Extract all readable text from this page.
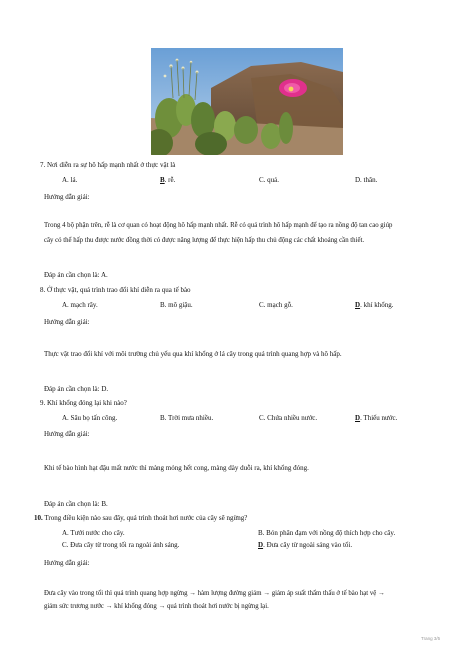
7. Nơi diễn ra sự hô hấp mạnh nhất ở thực vật là
A. lá.	B. rễ.	C. quả.	D. thân.
Hướng dẫn giải:
Trong 4 bộ phận trên, rễ là cơ quan có hoạt động hô hấp mạnh nhất. Rễ có quá trình hô hấp mạnh để tạo ra nồng độ tan cao giúp
cây có thể hấp thu được nước đồng thời có được năng lượng để thực hiện hấp thu chủ động các chất khoáng cần thiết.
Đáp án cần chọn là: A.
8. Ở thực vật, quá trình trao đổi khí diễn ra qua tế bào
A. mạch rây.	B. mô giậu.	C. mạch gỗ.	D. khí khổng.
Hướng dẫn giải:
Thực vật trao đổi khí với môi trường chủ yếu qua khí khổng ở lá cây trong quá trình quang hợp và hô hấp.
Đáp án cần chọn là: D.
9. Khí khổng đóng lại khi nào?
A. Sâu bọ tấn công.	B. Trời mưa nhiều.	C. Chứa nhiều nước.	D. Thiếu nước.
Hướng dẫn giải:
Khi tế bào hình hạt đậu mất nước thì màng mỏng hết cong, màng dày duỗi ra, khí khổng đóng.
Đáp án cần chọn là: B.
10. Trong điều kiện nào sau đây, quá trình thoát hơi nước của cây sẽ ngừng?
A. Tưới nước cho cây.	B. Bón phân đạm với nồng độ thích hợp cho cây.
C. Đưa cây từ trong tối ra ngoài ánh sáng.	D. Đưa cây từ ngoài sáng vào tối.
Hướng dẫn giải:
Đưa cây vào trong tối thì quá trình quang hợp ngừng → hàm lượng đường giảm → giảm áp suất thẩm thấu ở tế bào hạt vệ →
giảm sức trương nước → khí khổng đóng → quá trình thoát hơi nước bị ngừng lại.
Trang 3/5
